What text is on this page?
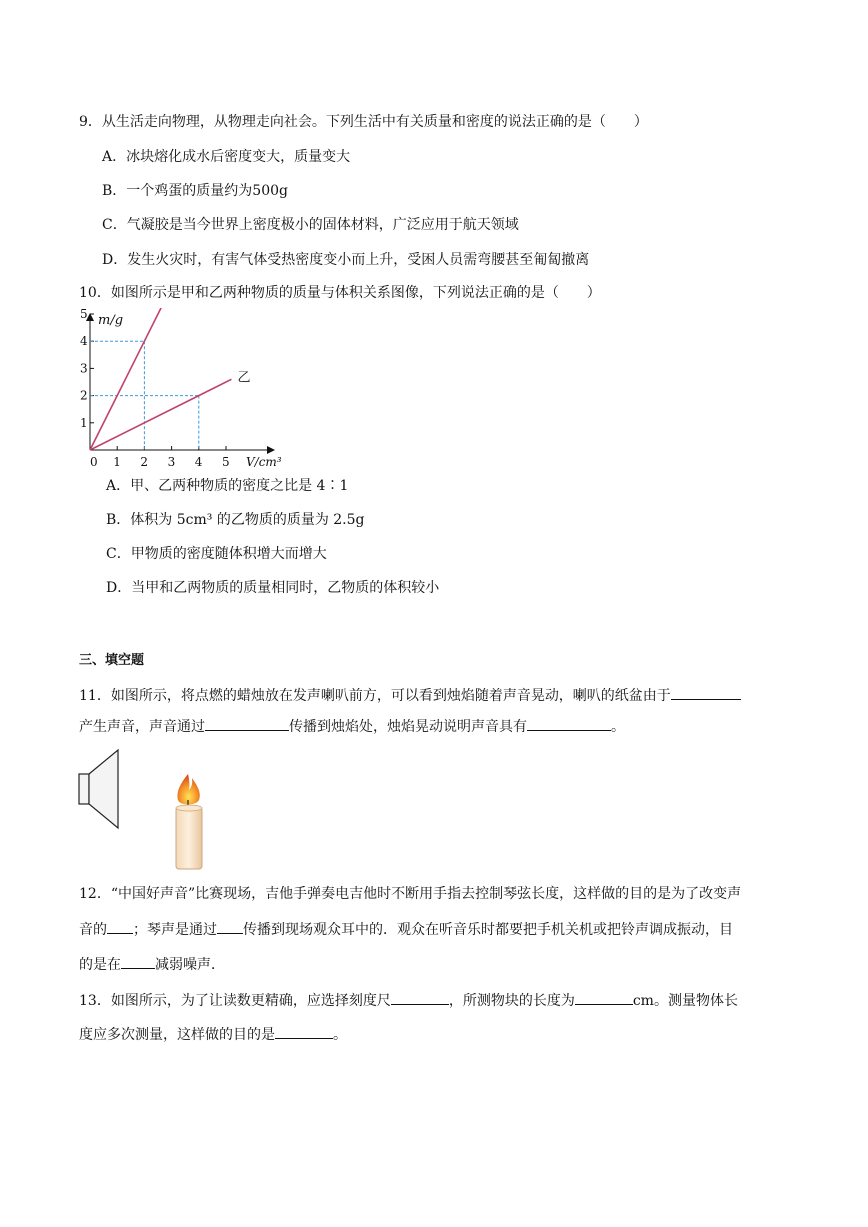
9．从生活走向物理，从物理走向社会。下列生活中有关质量和密度的说法正确的是（　　）
A．冰块熔化成水后密度变大，质量变大
B．一个鸡蛋的质量约为500g
C．气凝胶是当今世界上密度极小的固体材料，广泛应用于航天领域
D．发生火灾时，有害气体受热密度变小而上升，受困人员需弯腰甚至匍匐撤离
10．如图所示是甲和乙两种物质的质量与体积关系图像，下列说法正确的是（　　）
0 1 2 3 4 5
1
2
3
4
5
乙
m/g
V/cm³
A．甲、乙两种物质的密度之比是 4∶1
B．体积为 5cm³ 的乙物质的质量为 2.5g
C．甲物质的密度随体积增大而增大
D．当甲和乙两物质的质量相同时，乙物质的体积较小
三、填空题
11．如图所示，将点燃的蜡烛放在发声喇叭前方，可以看到烛焰随着声音晃动，喇叭的纸盆由于
产生声音，声音通过	传播到烛焰处，烛焰晃动说明声音具有	。
12．“中国好声音”比赛现场，吉他手弹奏电吉他时不断用手指去控制琴弦长度，这样做的目的是为了改变声
音的 ；琴声是通过 传播到现场观众耳中的．观众在听音乐时都要把手机关机或把铃声调成振动，目
的是在 减弱噪声．
13．如图所示，为了让读数更精确，应选择刻度尺	，所测物块的长度为	cm。测量物体长
度应多次测量，这样做的目的是	。
